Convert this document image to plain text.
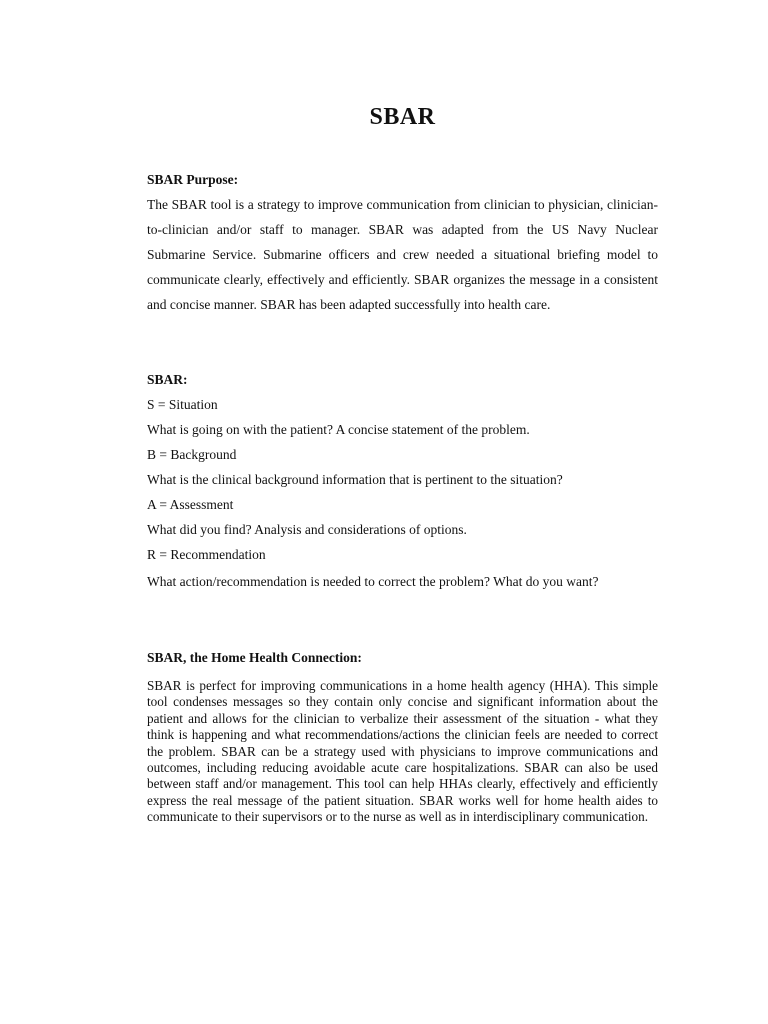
SBAR
SBAR Purpose:

The SBAR tool is a strategy to improve communication from clinician to physician, clinician-to-clinician and/or staff to manager. SBAR was adapted from the US Navy Nuclear Submarine Service. Submarine officers and crew needed a situational briefing model to communicate clearly, effectively and efficiently. SBAR organizes the message in a consistent and concise manner. SBAR has been adapted successfully into health care.

SBAR:

S = Situation

What is going on with the patient? A concise statement of the problem.

B = Background

What is the clinical background information that is pertinent to the situation?

A = Assessment

What did you find? Analysis and considerations of options.

R = Recommendation

What action/recommendation is needed to correct the problem? What do you want?

SBAR, the Home Health Connection:

SBAR is perfect for improving communications in a home health agency (HHA). This simple tool condenses messages so they contain only concise and significant information about the patient and allows for the clinician to verbalize their assessment of the situation - what they think is happening and what recommendations/actions the clinician feels are needed to correct the problem. SBAR can be a strategy used with physicians to improve communications and outcomes, including reducing avoidable acute care hospitalizations. SBAR can also be used between staff and/or management. This tool can help HHAs clearly, effectively and efficiently express the real message of the patient situation. SBAR works well for home health aides to communicate to their supervisors or to the nurse as well as in interdisciplinary communication.
